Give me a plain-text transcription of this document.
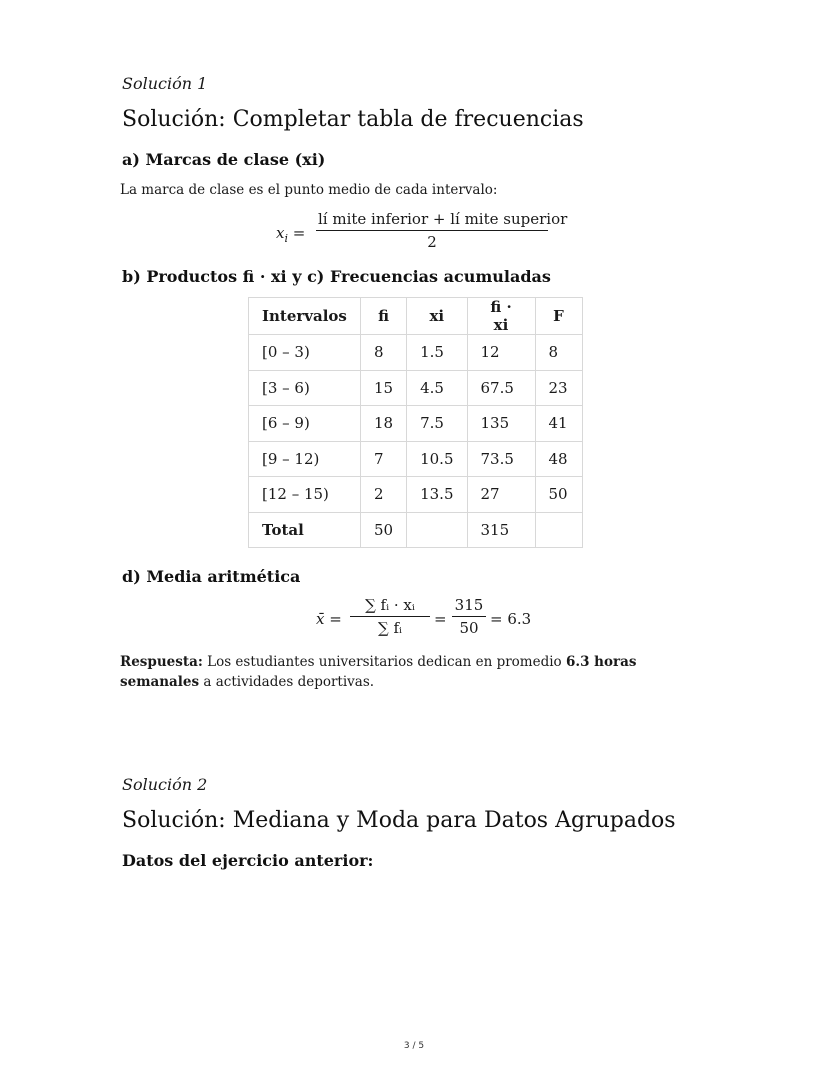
Solución 1
Solución: Completar tabla de frecuencias
a) Marcas de clase (xi)

La marca de clase es el punto medio de cada intervalo:

$x_i$ =
lí mite inferior + lí mite superior
2
b) Productos fi · xi y c) Frecuencias acumuladas
Intervalos	fi	xi	fi · xi	F
[0 – 3)	8	1.5	12	8
[3 – 6)	15	4.5	67.5	23
[6 – 9)	18	7.5	135	41
[9 – 12)	7	10.5	73.5	48
[12 – 15)	2	13.5	27	50
Total	50		315	
d) Media aritmética
x̄ =
∑ fᵢ · xᵢ
∑ fᵢ	=
315
50 = 6.3

Respuesta: Los estudiantes universitarios dedican en promedio 6.3 horas semanales a actividades deportivas.

Solución 2
Solución: Mediana y Moda para Datos Agrupados
Datos del ejercicio anterior:
3 / 5
